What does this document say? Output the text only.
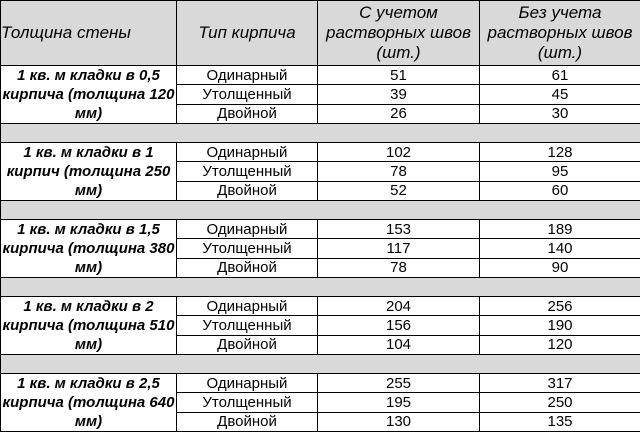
Толщина стены	Тип кирпича	С учетом растворных швов (шт.)	Без учета растворных швов (шт.)
1 кв. м кладки в 0,5 кирпича (толщина 120 мм)	Одинарный	51	61
	Утолщенный	39	45
	Двойной	26	30

1 кв. м кладки в 1 кирпич (толщина 250 мм)	Одинарный	102	128
	Утолщенный	78	95
	Двойной	52	60

1 кв. м кладки в 1,5 кирпича (толщина 380 мм)	Одинарный	153	189
	Утолщенный	117	140
	Двойной	78	90

1 кв. м кладки в 2 кирпича (толщина 510 мм)	Одинарный	204	256
	Утолщенный	156	190
	Двойной	104	120

1 кв. м кладки в 2,5 кирпича (толщина 640 мм)	Одинарный	255	317
	Утолщенный	195	250
	Двойной	130	135
